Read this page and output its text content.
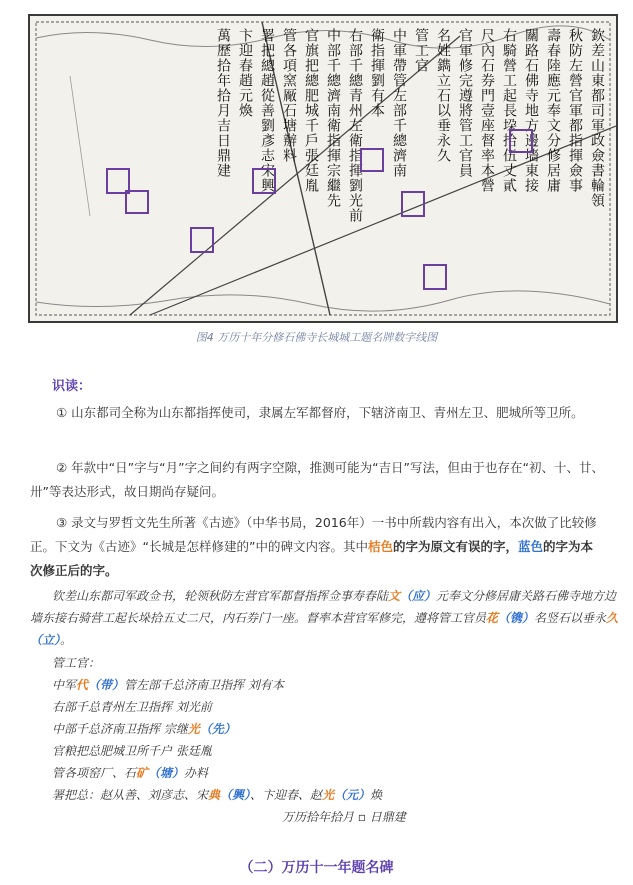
欽差山東都司軍政僉書輪領
秋防左營官軍都指揮僉事
壽春陸應元奉文分修居庸
關路石佛寺地方邊墻東接
右騎營工起長垜拾伍丈貳
尺內石券門壹座督率本營
官軍修完遵將管工官員
名姓鐫立石以垂永久
管工官
中軍帶管左部千總濟南
衛指揮劉有本
右部千總青州左衛指揮劉光前
中部千總濟南衛指揮宗繼先
官旗把總肥城千戶張廷胤
管各項窯厰石塘辦料
署把總趙從善劉彥志宋興
卞迎春趙元煥
萬歷拾年拾月吉日鼎建
图4 万历十年分修石佛寺长城城工题名牌数字线图
识读：
① 山东都司全称为山东都指挥使司，隶属左军都督府，下辖济南卫、青州左卫、肥城所等卫所。
② 年款中“日”字与“月”字之间约有两字空隙，推测可能为“吉日”写法，但由于也存在“初、十、廿、卅”等表达形式，故日期尚存疑问。
③ 录文与罗哲文先生所著《古迹》（中华书局，2016年）一书中所载内容有出入，本次做了比较修正。下文为《古迹》“长城是怎样修建的”中的碑文内容。其中桔色的字为原文有误的字，蓝色的字为本次修正后的字。
钦差山东都司军政佥书，轮领秋防左营官军都督指挥佥事寿春陆文（应）元奉文分修居庸关路石佛寺地方边墙东接右骑营工起长垛拾五丈二尺，内石券门一座。督率本营官军修完，遵将管工官员花（镌）名竖石以垂永久（立）。
管工官：
中军代（带）管左部千总济南卫指挥 刘有本
右部千总青州左卫指挥 刘光前
中部千总济南卫指挥 宗继光（先）
官粮把总肥城卫所千户 张廷胤
管各项窑厂、石矿（塘）办料
署把总：赵从善、刘彦志、宋典（興）、卞迎春、赵光（元）焕
万历拾年拾月 ▫ 日鼎建
（二）万历十一年题名碑
